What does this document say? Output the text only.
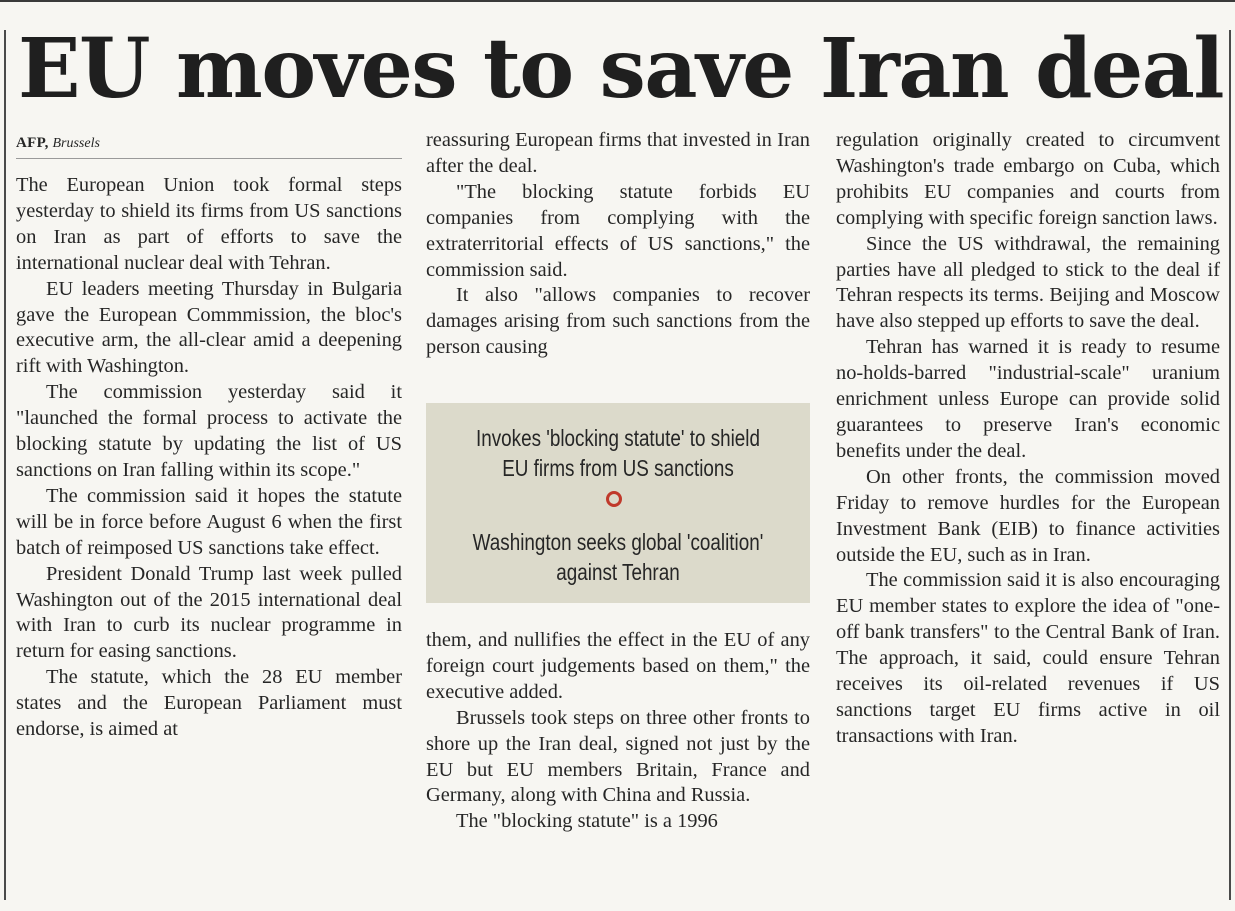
EU moves to save Iran deal
AFP, Brussels

The European Union took formal steps yesterday to shield its firms from US sanctions on Iran as part of efforts to save the international nuclear deal with Tehran.

EU leaders meeting Thursday in Bulgaria gave the European Commmission, the bloc's executive arm, the all-clear amid a deepening rift with Washington.

The commission yesterday said it "launched the formal process to activate the blocking statute by updating the list of US sanctions on Iran falling within its scope."

The commission said it hopes the statute will be in force before August 6 when the first batch of reimposed US sanctions take effect.

President Donald Trump last week pulled Washington out of the 2015 international deal with Iran to curb its nuclear programme in return for easing sanctions.

The statute, which the 28 EU member states and the European Parliament must endorse, is aimed at

reassuring European firms that invested in Iran after the deal.

"The blocking statute forbids EU companies from complying with the extraterritorial effects of US sanctions," the commission said.

It also "allows companies to recover damages arising from such sanctions from the person causing

Invokes 'blocking statute' to shield
EU firms from US sanctions
Washington seeks global 'coalition'
against Tehran

them, and nullifies the effect in the EU of any foreign court judgements based on them," the executive added.

Brussels took steps on three other fronts to shore up the Iran deal, signed not just by the EU but EU members Britain, France and Germany, along with China and Russia.

The "blocking statute" is a 1996

regulation originally created to circumvent Washington's trade embargo on Cuba, which prohibits EU companies and courts from complying with specific foreign sanction laws.

Since the US withdrawal, the remaining parties have all pledged to stick to the deal if Tehran respects its terms. Beijing and Moscow have also stepped up efforts to save the deal.

Tehran has warned it is ready to resume no-holds-barred "industrial-scale" uranium enrichment unless Europe can provide solid guarantees to preserve Iran's economic benefits under the deal.

On other fronts, the commission moved Friday to remove hurdles for the European Investment Bank (EIB) to finance activities outside the EU, such as in Iran.

The commission said it is also encouraging EU member states to explore the idea of "one-off bank transfers" to the Central Bank of Iran. The approach, it said, could ensure Tehran receives its oil-related revenues if US sanctions target EU firms active in oil transactions with Iran.
